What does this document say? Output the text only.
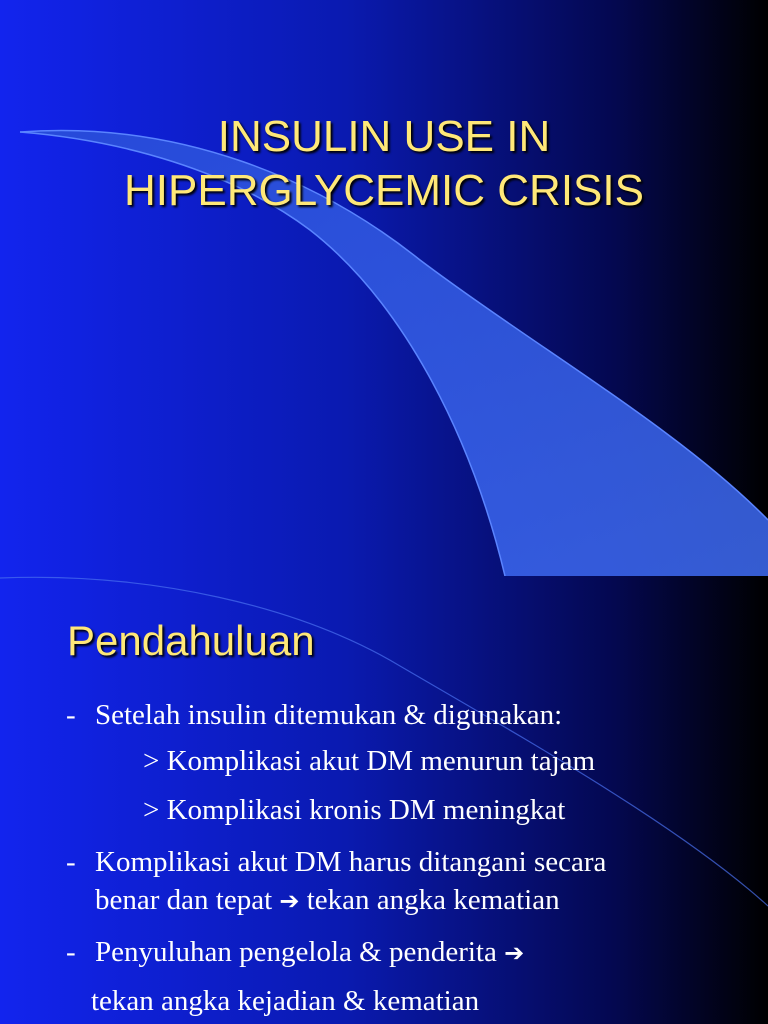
INSULIN USE IN
HIPERGLYCEMIC CRISIS
Pendahuluan
- Setelah insulin ditemukan & digunakan:
> Komplikasi akut DM menurun tajam
> Komplikasi kronis DM meningkat
- Komplikasi akut DM harus ditangani secara
benar dan tepat ➔ tekan angka kematian
- Penyuluhan pengelola & penderita ➔
tekan angka kejadian & kematian
